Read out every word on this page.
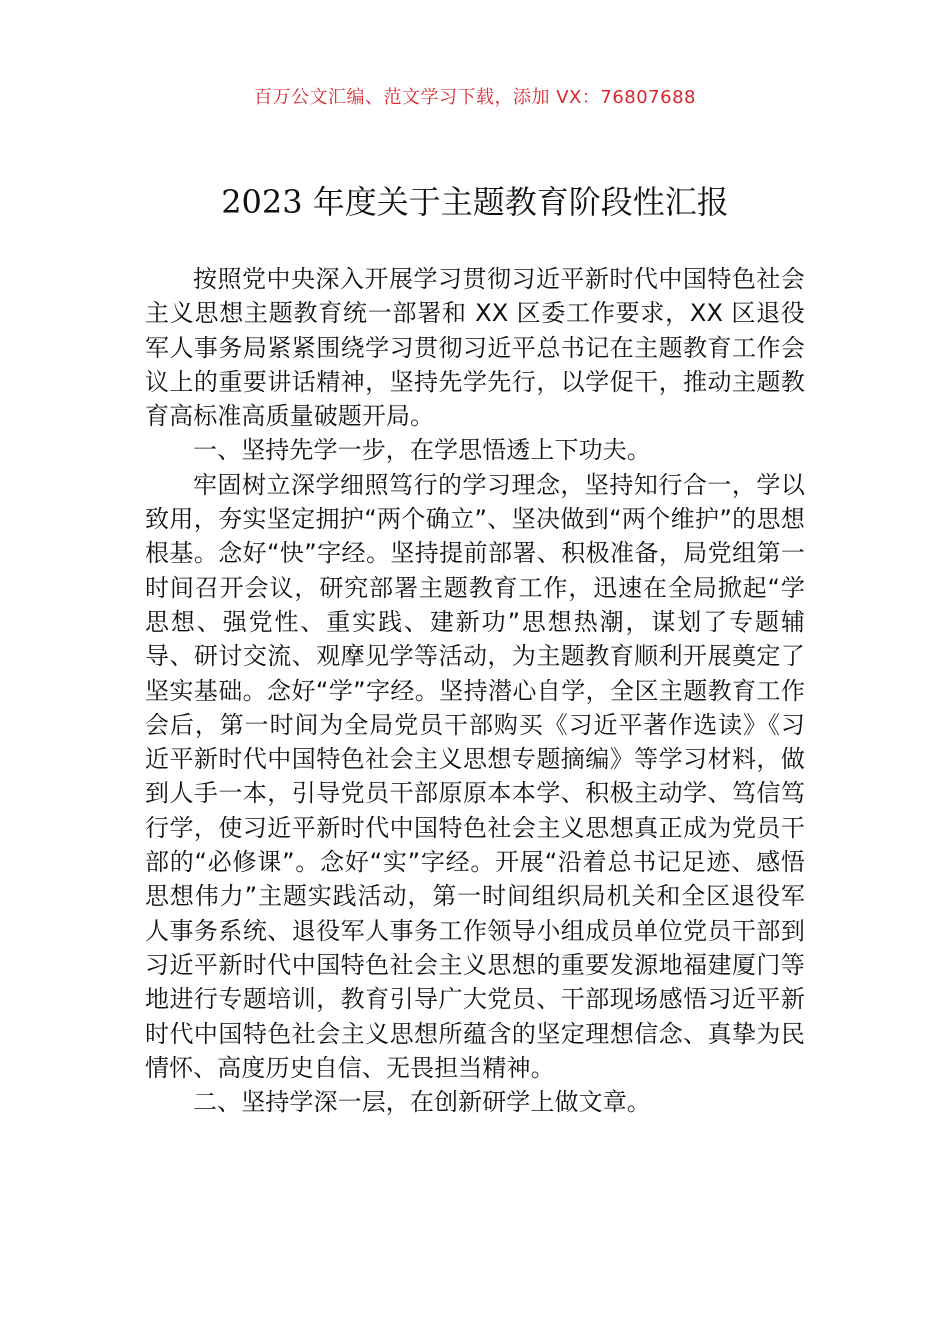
百万公文汇编、范文学习下载，添加 VX：76807688
2023 年度关于主题教育阶段性汇报

按照党中央深入开展学习贯彻习近平新时代中国特色社会主义思想主题教育统一部署和 XX 区委工作要求，XX 区退役军人事务局紧紧围绕学习贯彻习近平总书记在主题教育工作会议上的重要讲话精神，坚持先学先行，以学促干，推动主题教育高标准高质量破题开局。

一、坚持先学一步，在学思悟透上下功夫。

牢固树立深学细照笃行的学习理念，坚持知行合一，学以致用，夯实坚定拥护“两个确立”、坚决做到“两个维护”的思想根基。念好“快”字经。坚持提前部署、积极准备，局党组第一时间召开会议，研究部署主题教育工作，迅速在全局掀起“学思想、强党性、重实践、建新功”思想热潮，谋划了专题辅导、研讨交流、观摩见学等活动，为主题教育顺利开展奠定了坚实基础。念好“学”字经。坚持潜心自学，全区主题教育工作会后，第一时间为全局党员干部购买《习近平著作选读》《习近平新时代中国特色社会主义思想专题摘编》等学习材料，做到人手一本，引导党员干部原原本本学、积极主动学、笃信笃行学，使习近平新时代中国特色社会主义思想真正成为党员干部的“必修课”。念好“实”字经。开展“沿着总书记足迹、感悟思想伟力”主题实践活动，第一时间组织局机关和全区退役军人事务系统、退役军人事务工作领导小组成员单位党员干部到习近平新时代中国特色社会主义思想的重要发源地福建厦门等地进行专题培训，教育引导广大党员、干部现场感悟习近平新时代中国特色社会主义思想所蕴含的坚定理想信念、真挚为民情怀、高度历史自信、无畏担当精神。

二、坚持学深一层，在创新研学上做文章。
